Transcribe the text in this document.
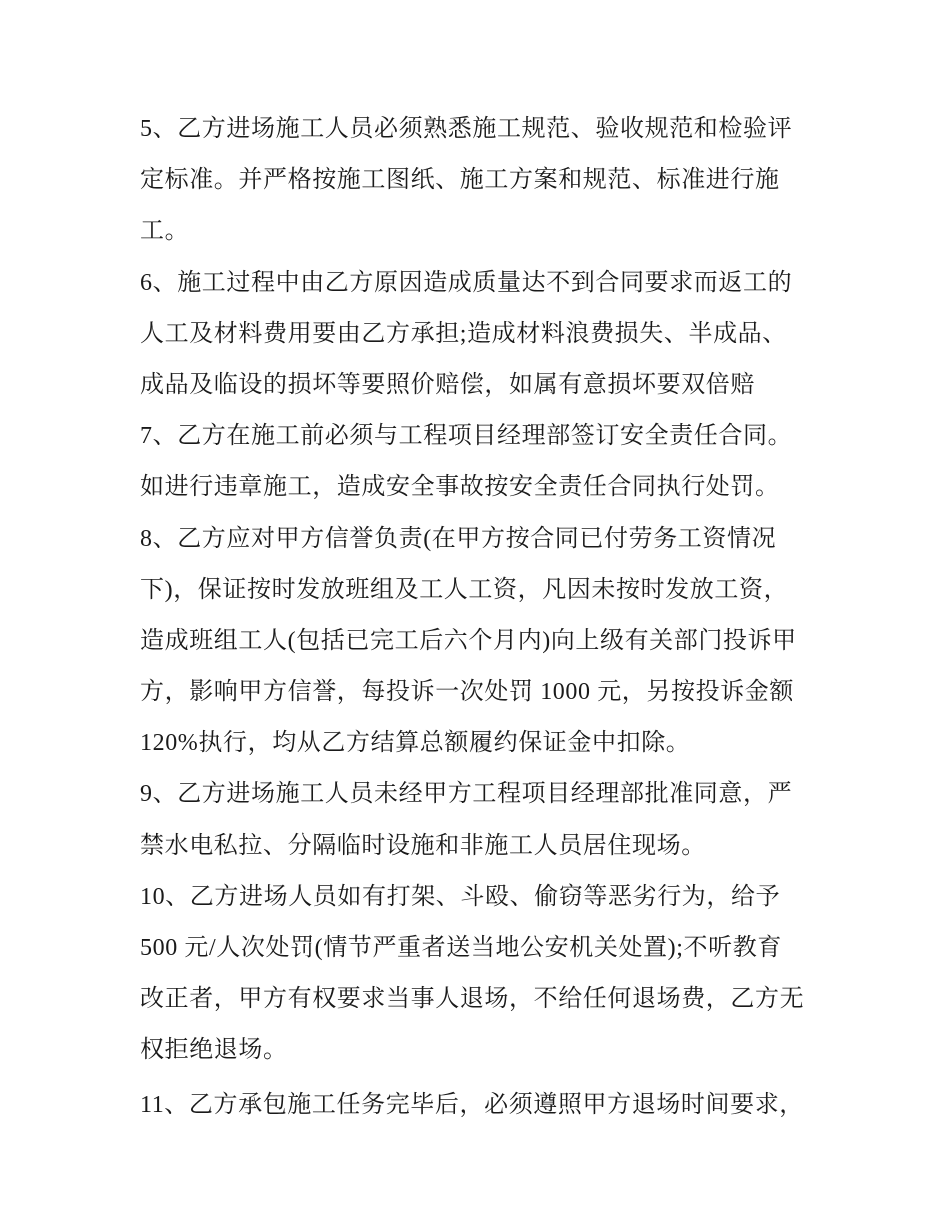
5、乙方进场施工人员必须熟悉施工规范、验收规范和检验评
定标准。并严格按施工图纸、施工方案和规范、标准进行施
工。
6、施工过程中由乙方原因造成质量达不到合同要求而返工的
人工及材料费用要由乙方承担;造成材料浪费损失、半成品、
成品及临设的损坏等要照价赔偿，如属有意损坏要双倍赔
7、乙方在施工前必须与工程项目经理部签订安全责任合同。
如进行违章施工，造成安全事故按安全责任合同执行处罚。
8、乙方应对甲方信誉负责(在甲方按合同已付劳务工资情况
下)，保证按时发放班组及工人工资，凡因未按时发放工资，
造成班组工人(包括已完工后六个月内)向上级有关部门投诉甲
方，影响甲方信誉，每投诉一次处罚 1000 元，另按投诉金额
120%执行，均从乙方结算总额履约保证金中扣除。
9、乙方进场施工人员未经甲方工程项目经理部批准同意，严
禁水电私拉、分隔临时设施和非施工人员居住现场。
10、乙方进场人员如有打架、斗殴、偷窃等恶劣行为，给予
500 元/人次处罚(情节严重者送当地公安机关处置);不听教育
改正者，甲方有权要求当事人退场，不给任何退场费，乙方无
权拒绝退场。
11、乙方承包施工任务完毕后，必须遵照甲方退场时间要求，
